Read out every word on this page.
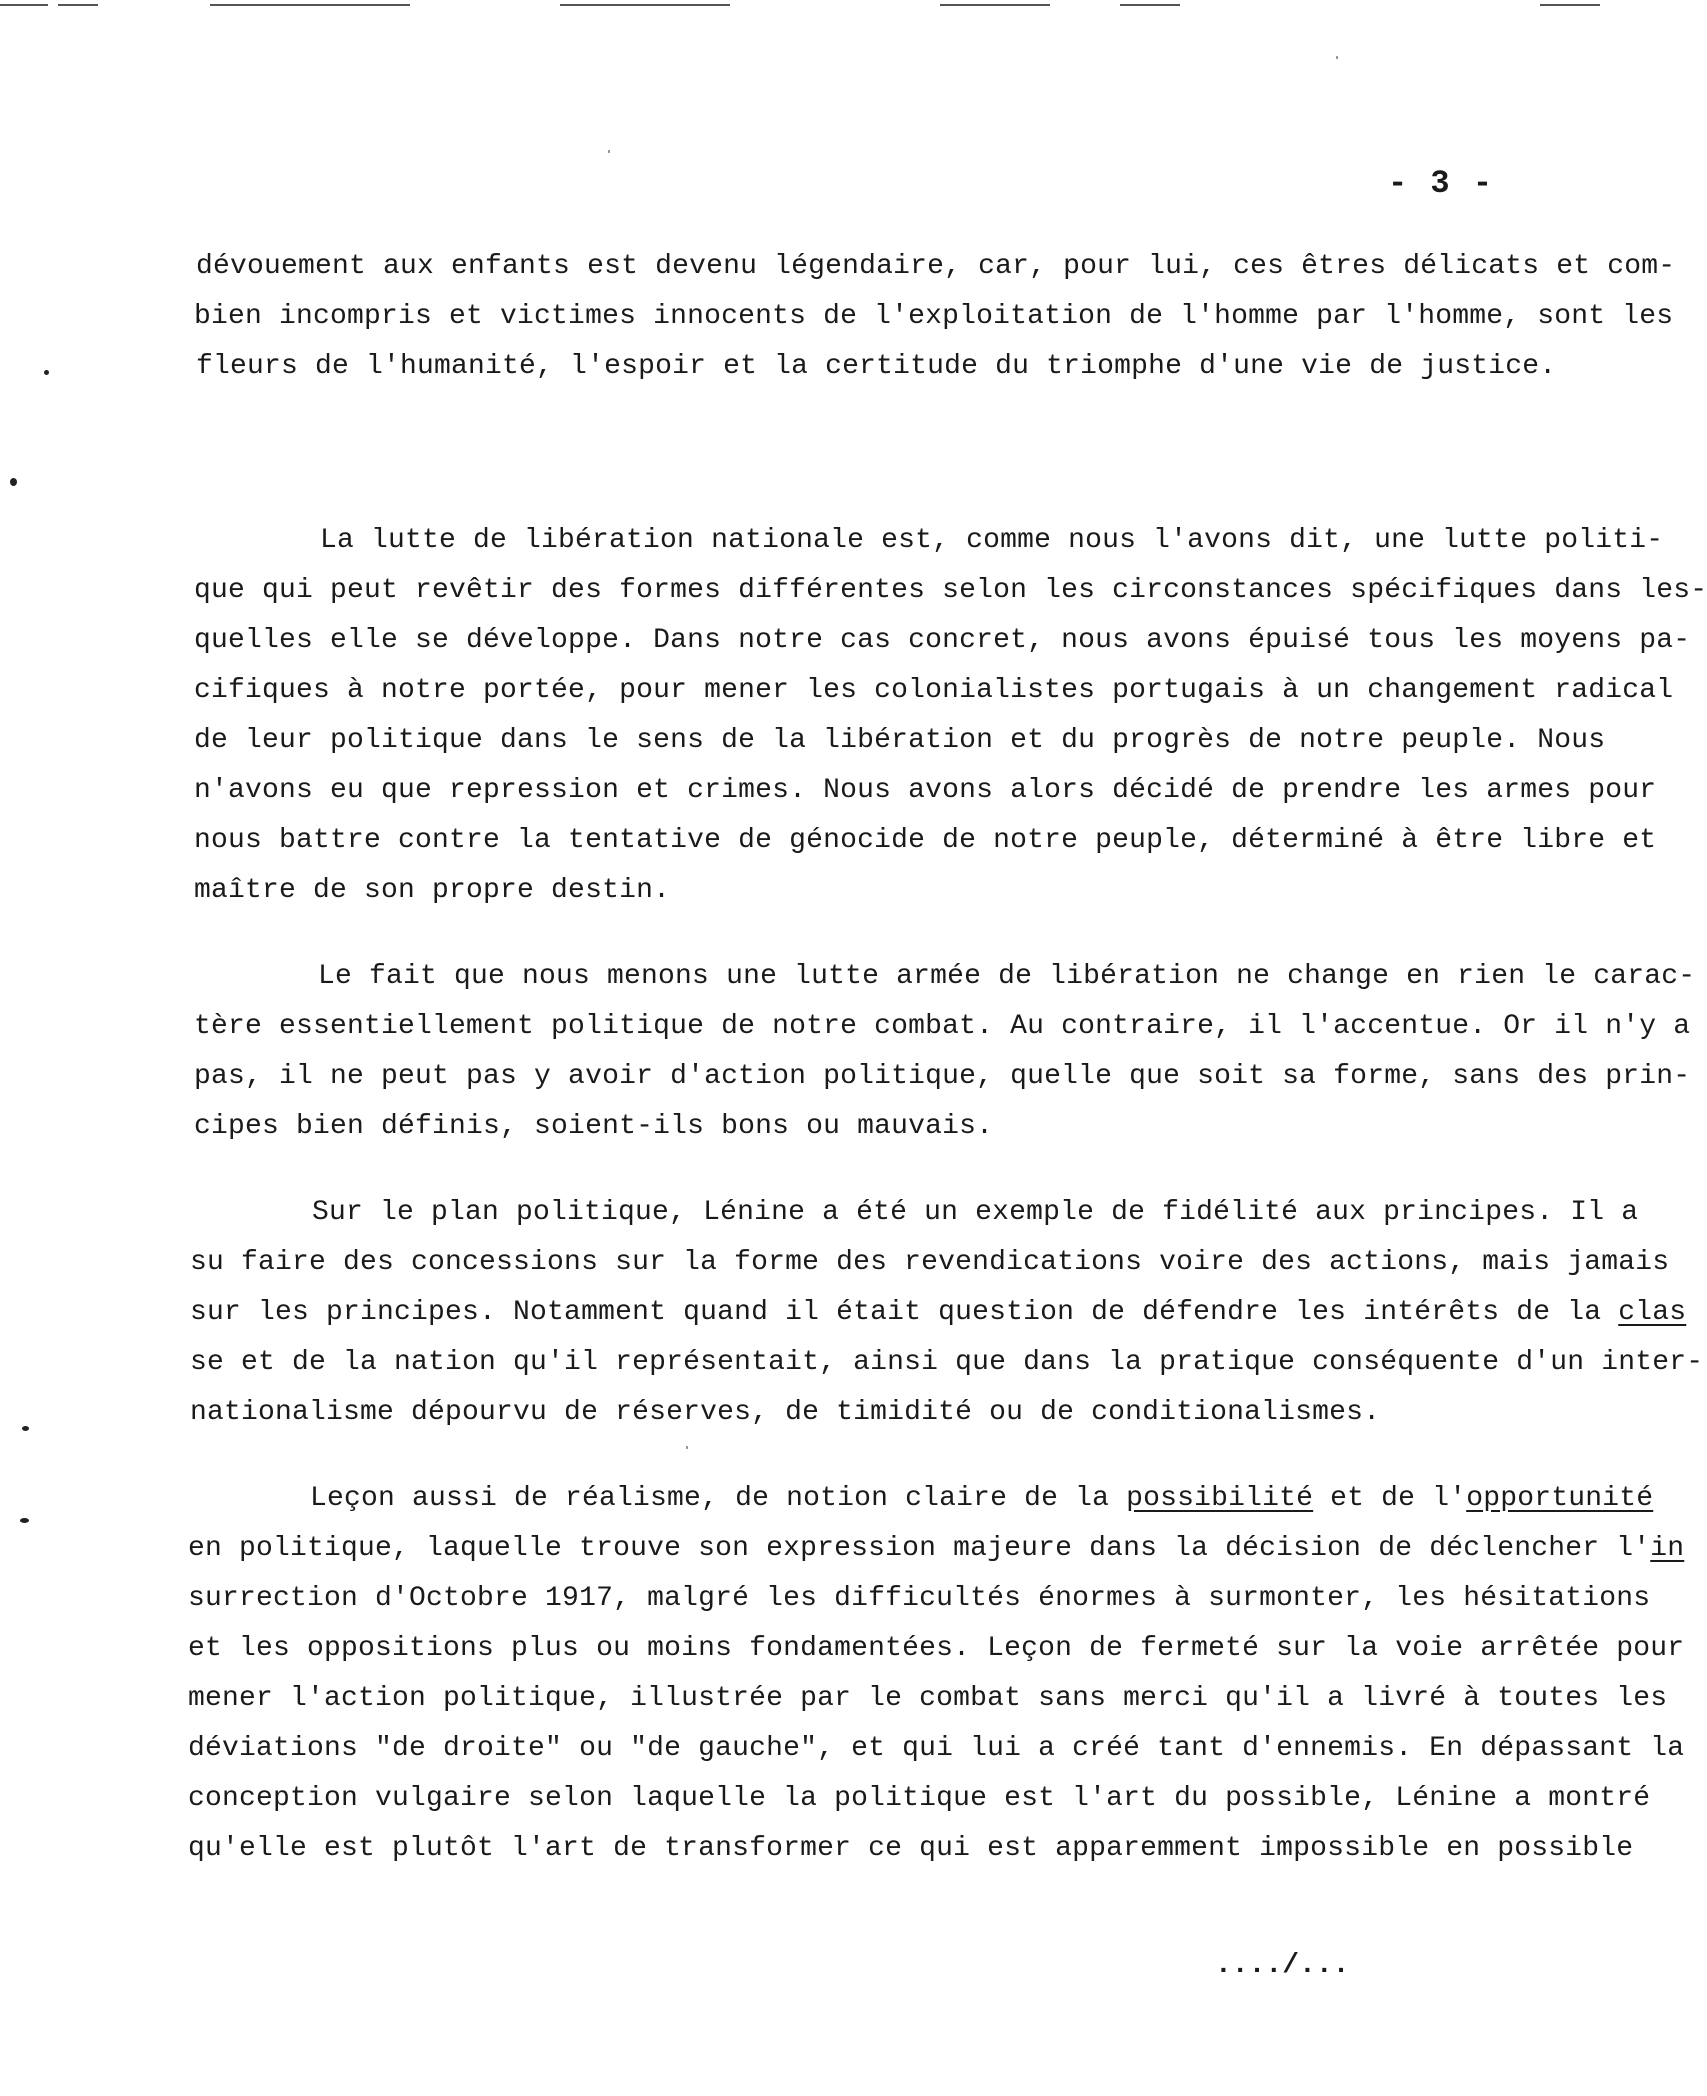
- 3 -
dévouement aux enfants est devenu légendaire, car, pour lui, ces êtres délicats et com-
bien incompris et victimes innocents de l'exploitation de l'homme par l'homme, sont les
fleurs de l'humanité, l'espoir et la certitude du triomphe d'une vie de justice.
La lutte de libération nationale est, comme nous l'avons dit, une lutte politi-
que qui peut revêtir des formes différentes selon les circonstances spécifiques dans les-
quelles elle se développe. Dans notre cas concret, nous avons épuisé tous les moyens pa-
cifiques à notre portée, pour mener les colonialistes portugais à un changement radical
de leur politique dans le sens de la libération et du progrès de notre peuple. Nous
n'avons eu que repression et crimes. Nous avons alors décidé de prendre les armes pour
nous battre contre la tentative de génocide de notre peuple, déterminé à être libre et
maître de son propre destin.
Le fait que nous menons une lutte armée de libération ne change en rien le carac-
tère essentiellement politique de notre combat. Au contraire, il l'accentue. Or il n'y a
pas, il ne peut pas y avoir d'action politique, quelle que soit sa forme, sans des prin-
cipes bien définis, soient-ils bons ou mauvais.
Sur le plan politique, Lénine a été un exemple de fidélité aux principes. Il a
su faire des concessions sur la forme des revendications voire des actions, mais jamais
sur les principes. Notamment quand il était question de défendre les intérêts de la clas
se et de la nation qu'il représentait, ainsi que dans la pratique conséquente d'un inter-
nationalisme dépourvu de réserves, de timidité ou de conditionalismes.
Leçon aussi de réalisme, de notion claire de la possibilité et de l'opportunité
en politique, laquelle trouve son expression majeure dans la décision de déclencher l'in
surrection d'Octobre 1917, malgré les difficultés énormes à surmonter, les hésitations
et les oppositions plus ou moins fondamentées. Leçon de fermeté sur la voie arrêtée pour
mener l'action politique, illustrée par le combat sans merci qu'il a livré à toutes les
déviations "de droite" ou "de gauche", et qui lui a créé tant d'ennemis. En dépassant la
conception vulgaire selon laquelle la politique est l'art du possible, Lénine a montré
qu'elle est plutôt l'art de transformer ce qui est apparemment impossible en possible
..../...
